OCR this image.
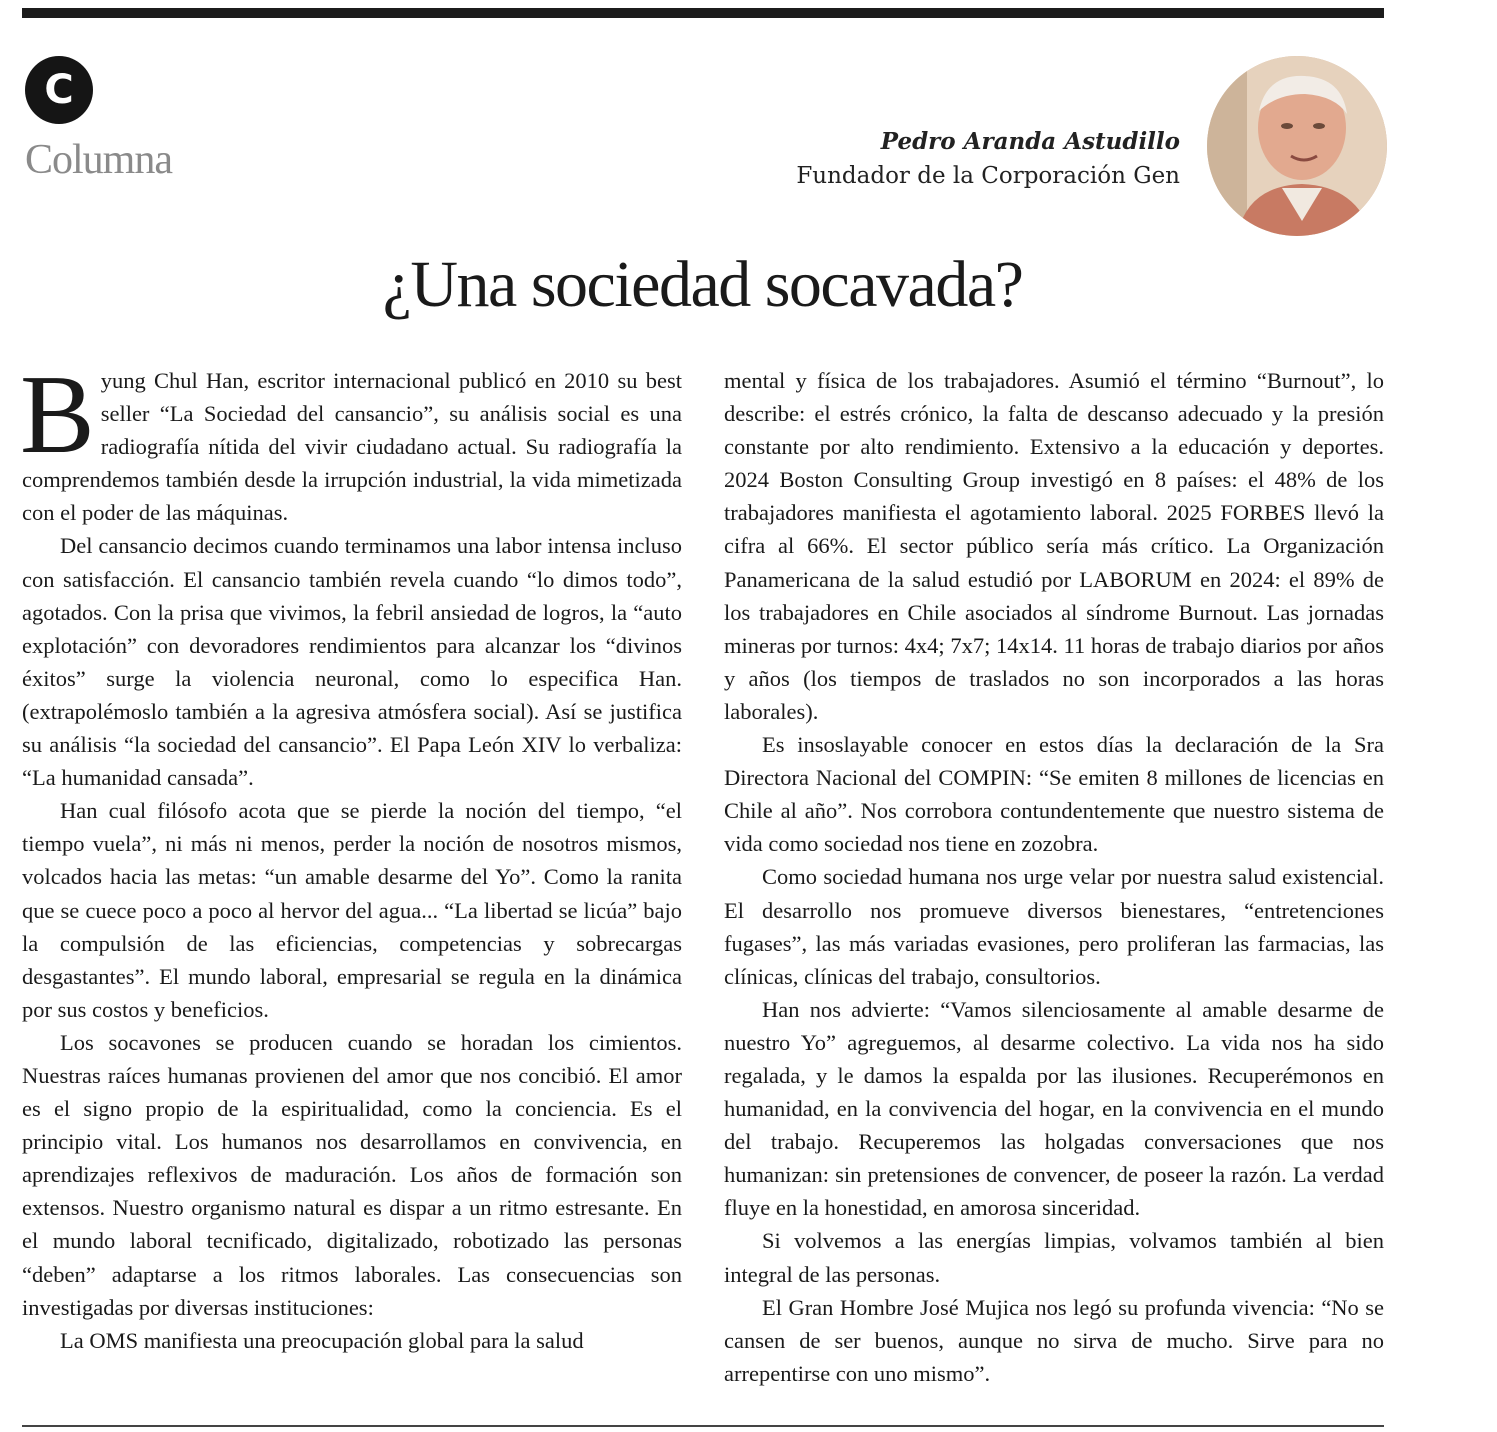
C
Columna	Pedro Aranda Astudillo
Fundador de la Corporación Gen
¿Una sociedad socavada?

Byung Chul Han, escritor internacional publicó en 2010 su best seller “La Sociedad del cansancio”, su análisis social es una radiografía nítida del vivir ciudadano actual. Su radiografía la comprendemos también desde la irrupción industrial, la vida mimetizada con el poder de las máquinas.

Del cansancio decimos cuando terminamos una labor intensa incluso con satisfacción. El cansancio también revela cuando “lo dimos todo”, agotados. Con la prisa que vivimos, la febril ansiedad de logros, la “auto explotación” con devoradores rendimientos para alcanzar los “divinos éxitos” surge la violencia neuronal, como lo especifica Han. (extrapolémoslo también a la agresiva atmósfera social). Así se justifica su análisis “la sociedad del cansancio”. El Papa León XIV lo verbaliza: “La humanidad cansada”.

Han cual filósofo acota que se pierde la noción del tiempo, “el tiempo vuela”, ni más ni menos, perder la noción de nosotros mismos, volcados hacia las metas: “un amable desarme del Yo”. Como la ranita que se cuece poco a poco al hervor del agua... “La libertad se licúa” bajo la compulsión de las eficiencias, competencias y sobrecargas desgastantes”. El mundo laboral, empresarial se regula en la dinámica por sus costos y beneficios.

Los socavones se producen cuando se horadan los cimientos. Nuestras raíces humanas provienen del amor que nos concibió. El amor es el signo propio de la espiritualidad, como la conciencia. Es el principio vital. Los humanos nos desarrollamos en convivencia, en aprendizajes reflexivos de maduración. Los años de formación son extensos. Nuestro organismo natural es dispar a un ritmo estresante. En el mundo laboral tecnificado, digitalizado, robotizado las personas “deben” adaptarse a los ritmos laborales. Las consecuencias son investigadas por diversas instituciones:

La OMS manifiesta una preocupación global para la salud

mental y física de los trabajadores. Asumió el término “Burnout”, lo describe: el estrés crónico, la falta de descanso adecuado y la presión constante por alto rendimiento. Extensivo a la educación y deportes. 2024 Boston Consulting Group investigó en 8 países: el 48% de los trabajadores manifiesta el agotamiento laboral. 2025 FORBES llevó la cifra al 66%. El sector público sería más crítico. La Organización Panamericana de la salud estudió por LABORUM en 2024: el 89% de los trabajadores en Chile asociados al síndrome Burnout. Las jornadas mineras por turnos: 4x4; 7x7; 14x14. 11 horas de trabajo diarios por años y años (los tiempos de traslados no son incorporados a las horas laborales).

Es insoslayable conocer en estos días la declaración de la Sra Directora Nacional del COMPIN: “Se emiten 8 millones de licencias en Chile al año”. Nos corrobora contundentemente que nuestro sistema de vida como sociedad nos tiene en zozobra.

Como sociedad humana nos urge velar por nuestra salud existencial. El desarrollo nos promueve diversos bienestares, “entretenciones fugases”, las más variadas evasiones, pero proliferan las farmacias, las clínicas, clínicas del trabajo, consultorios.

Han nos advierte: “Vamos silenciosamente al amable desarme de nuestro Yo” agreguemos, al desarme colectivo. La vida nos ha sido regalada, y le damos la espalda por las ilusiones. Recuperémonos en humanidad, en la convivencia del hogar, en la convivencia en el mundo del trabajo. Recuperemos las holgadas conversaciones que nos humanizan: sin pretensiones de convencer, de poseer la razón. La verdad fluye en la honestidad, en amorosa sinceridad.

Si volvemos a las energías limpias, volvamos también al bien integral de las personas.

El Gran Hombre José Mujica nos legó su profunda vivencia: “No se cansen de ser buenos, aunque no sirva de mucho. Sirve para no arrepentirse con uno mismo”.
